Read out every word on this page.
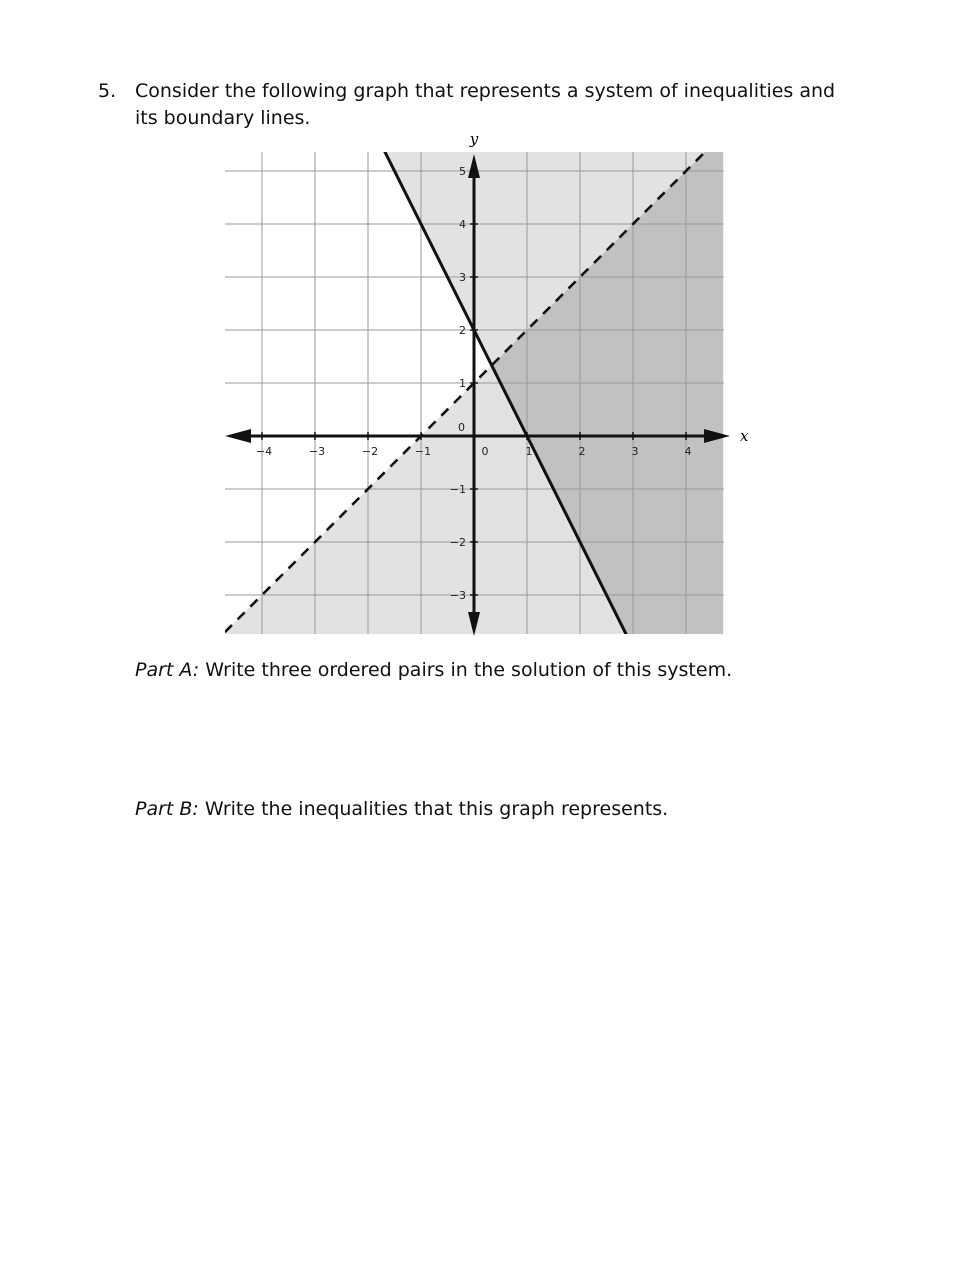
5. Consider the following graph that represents a system of inequalities and its boundary lines.
−4	−3	−2	−1	0	1	2	3	4
5
4
3
2
1
−1
−2
−3
0	x
y
Part A: Write three ordered pairs in the solution of this system.
Part B: Write the inequalities that this graph represents.
